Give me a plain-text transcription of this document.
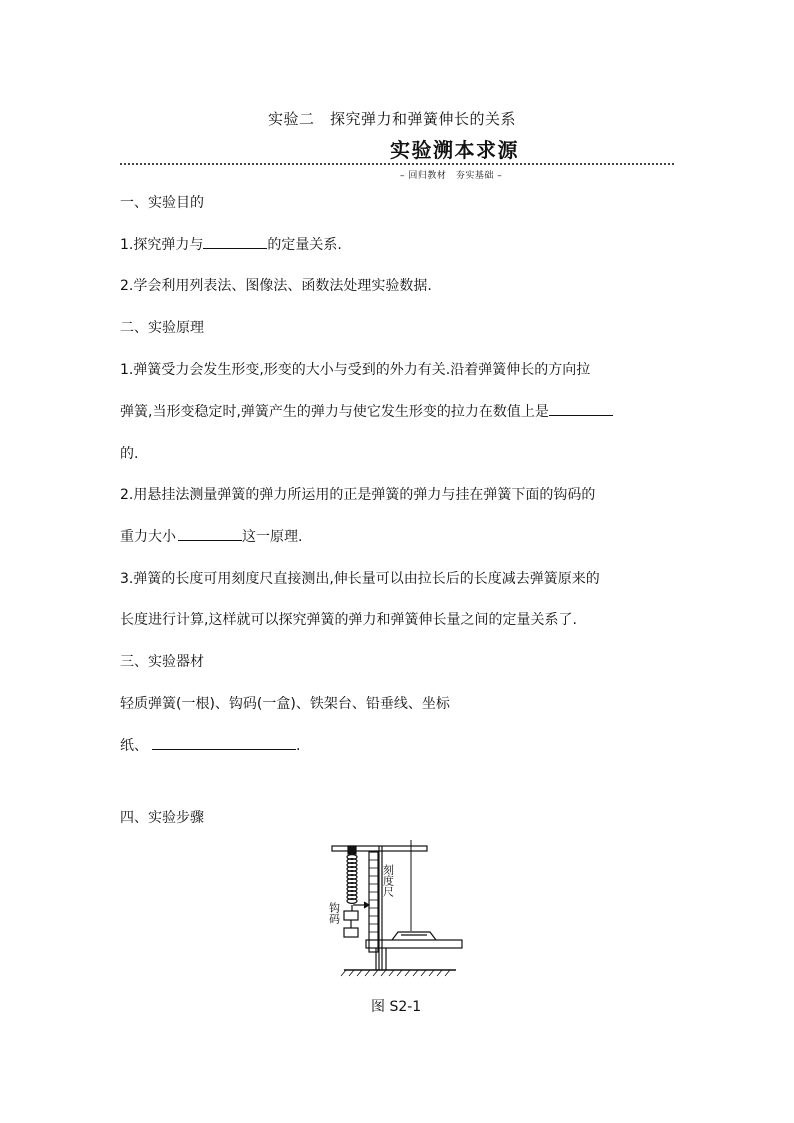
实验二　探究弹力和弹簧伸长的关系
实验溯本求源
– 回归教材　夯实基础 –
一、实验目的
1.探究弹力与	的定量关系.
2.学会利用列表法、图像法、函数法处理实验数据.
二、实验原理
1.弹簧受力会发生形变,形变的大小与受到的外力有关.沿着弹簧伸长的方向拉
弹簧,当形变稳定时,弹簧产生的弹力与使它发生形变的拉力在数值上是
的.
2.用悬挂法测量弹簧的弹力所运用的正是弹簧的弹力与挂在弹簧下面的钩码的
重力大小	这一原理.
3.弹簧的长度可用刻度尺直接测出,伸长量可以由拉长后的长度减去弹簧原来的
长度进行计算,这样就可以探究弹簧的弹力和弹簧伸长量之间的定量关系了.
三、实验器材
轻质弹簧(一根)、钩码(一盒)、铁架台、铅垂线、坐标
纸、	.
四、实验步骤
刻度尺
钩码
图 S2-1
